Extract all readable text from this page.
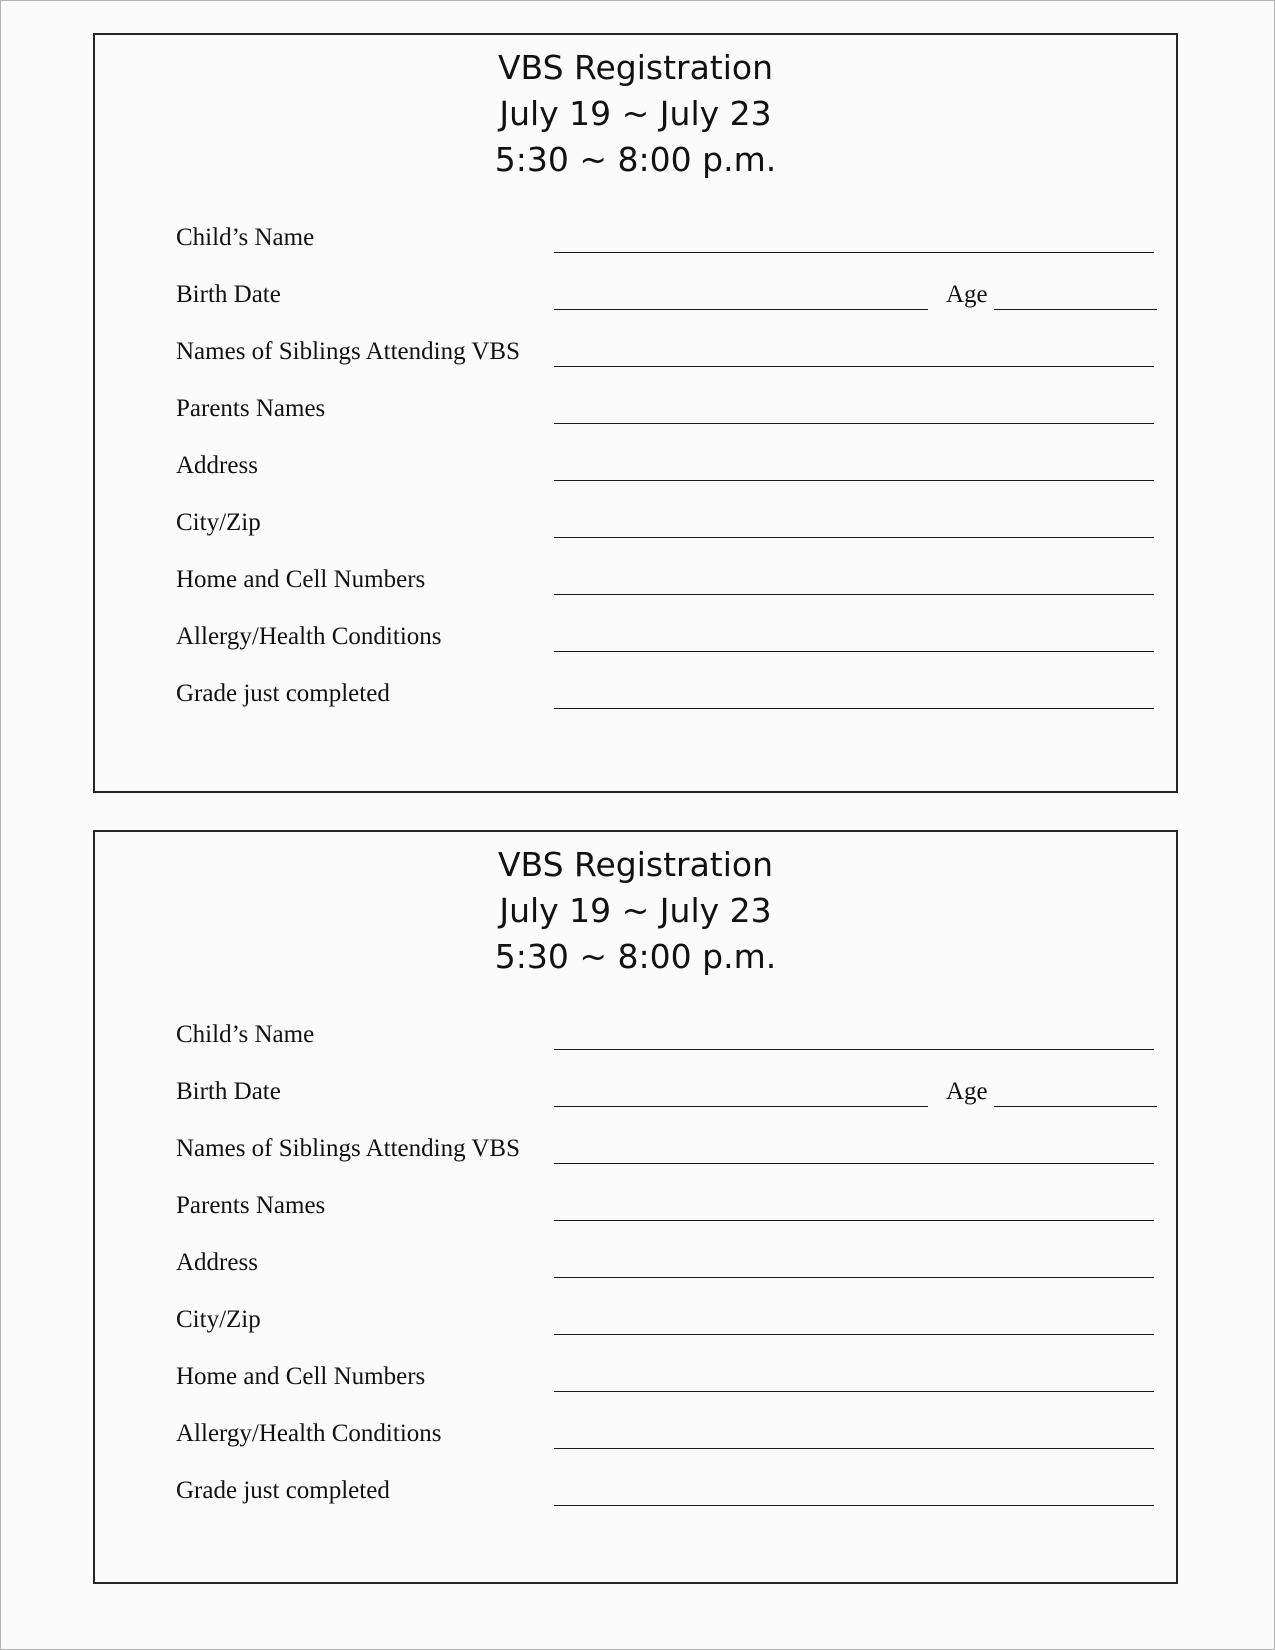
VBS Registration
July 19 ~ July 23
5:30 ~ 8:00 p.m.
Child’s Name
Birth Date	Age
Names of Siblings Attending VBS
Parents Names
Address
City/Zip
Home and Cell Numbers
Allergy/Health Conditions
Grade just completed
VBS Registration
July 19 ~ July 23
5:30 ~ 8:00 p.m.
Child’s Name
Birth Date	Age
Names of Siblings Attending VBS
Parents Names
Address
City/Zip
Home and Cell Numbers
Allergy/Health Conditions
Grade just completed
